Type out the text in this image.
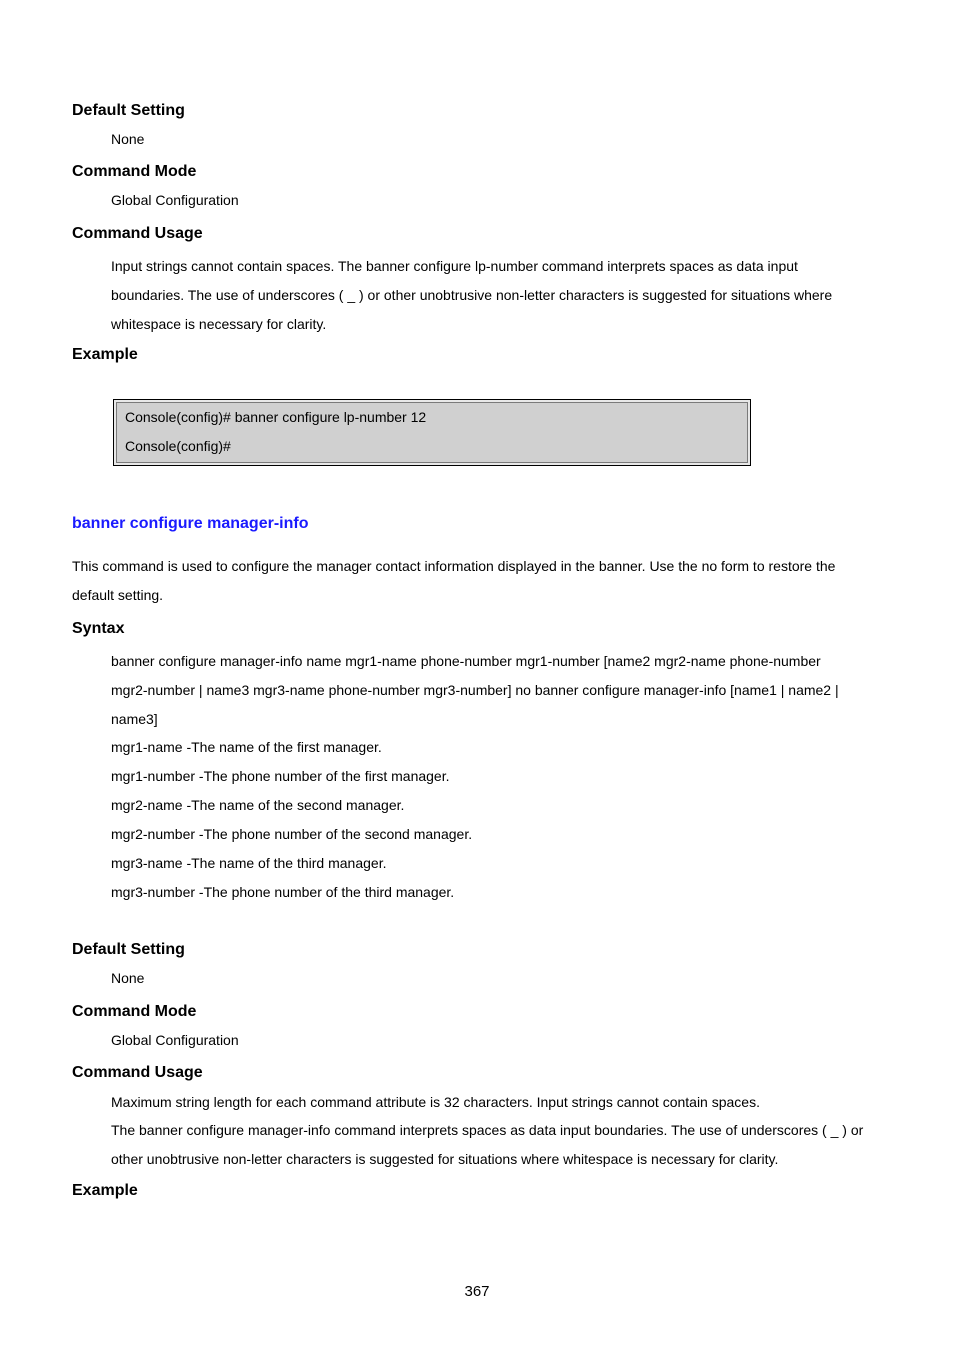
Default Setting
None
Command Mode
Global Configuration
Command Usage
Input strings cannot contain spaces. The banner configure lp-number command interprets spaces as data input
boundaries. The use of underscores ( _ ) or other unobtrusive non-letter characters is suggested for situations where
whitespace is necessary for clarity.
Example
Console(config)# banner configure lp-number 12
Console(config)#
banner configure manager-info
This command is used to configure the manager contact information displayed in the banner. Use the no form to restore the
default setting.
Syntax
banner configure manager-info name mgr1-name phone-number mgr1-number [name2 mgr2-name phone-number
mgr2-number | name3 mgr3-name phone-number mgr3-number] no banner configure manager-info [name1 | name2 |
name3]
mgr1-name -The name of the first manager.
mgr1-number -The phone number of the first manager.
mgr2-name -The name of the second manager.
mgr2-number -The phone number of the second manager.
mgr3-name -The name of the third manager.
mgr3-number -The phone number of the third manager.
Default Setting
None
Command Mode
Global Configuration
Command Usage
Maximum string length for each command attribute is 32 characters. Input strings cannot contain spaces.
The banner configure manager-info command interprets spaces as data input boundaries. The use of underscores ( _ ) or
other unobtrusive non-letter characters is suggested for situations where whitespace is necessary for clarity.
Example
367
